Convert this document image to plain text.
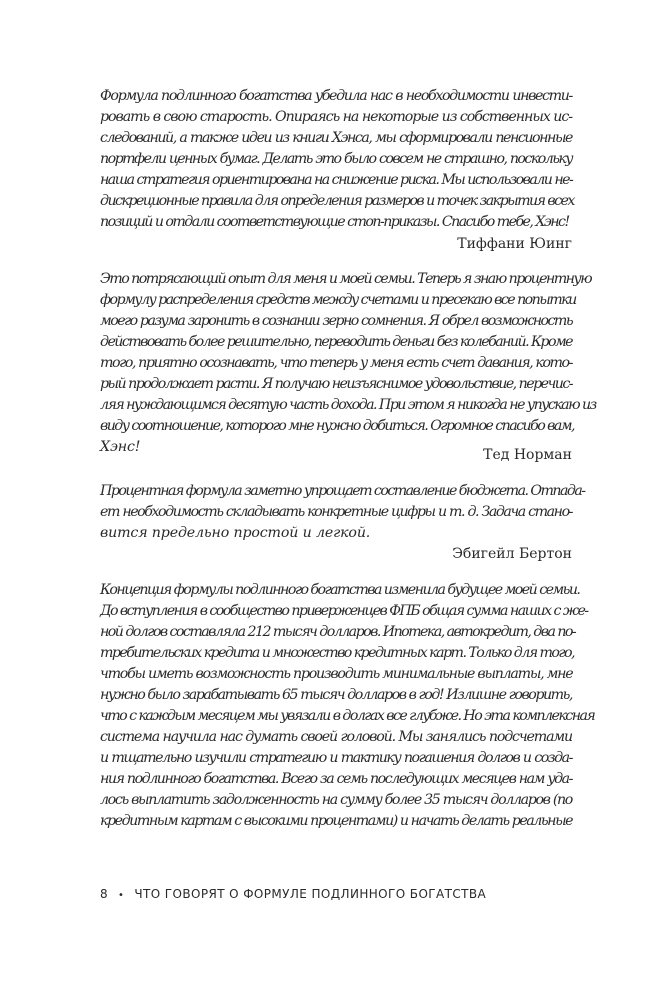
Формула подлинного богатства убедила нас в необходимости инвести-
ровать в свою старость. Опираясь на некоторые из собственных ис-
следований, а также идеи из книги Хэнса, мы сформировали пенсионные
портфели ценных бумаг. Делать это было совсем не страшно, поскольку
наша стратегия ориентирована на снижение риска. Мы использовали не-
дискреционные правила для определения размеров и точек закрытия всех
позиций и отдали соответствующие стоп-приказы. Спасибо тебе, Хэнс!
Тиффани Юинг
Это потрясающий опыт для меня и моей семьи. Теперь я знаю процентную
формулу распределения средств между счетами и пресекаю все попытки
моего разума заронить в сознании зерно сомнения. Я обрел возможность
действовать более решительно, переводить деньги без колебаний. Кроме
того, приятно осознавать, что теперь у меня есть счет давания, кото-
рый продолжает расти. Я получаю неизъяснимое удовольствие, перечис-
ляя нуждающимся десятую часть дохода. При этом я никогда не упускаю из
виду соотношение, которого мне нужно добиться. Огромное спасибо вам,
Хэнс!	Тед Норман
Процентная формула заметно упрощает составление бюджета. Отпада-
ет необходимость складывать конкретные цифры и т. д. Задача стано-
вится предельно простой и легкой.
Эбигейл Бертон
Концепция формулы подлинного богатства изменила будущее моей семьи.
До вступления в сообщество приверженцев ФПБ общая сумма наших с же-
ной долгов составляла 212 тысяч долларов. Ипотека, автокредит, два по-
требительских кредита и множество кредитных карт. Только для того,
чтобы иметь возможность производить минимальные выплаты, мне
нужно было зарабатывать 65 тысяч долларов в год! Излишне говорить,
что с каждым месяцем мы увязали в долгах все глубже. Но эта комплексная
система научила нас думать своей головой. Мы занялись подсчетами
и тщательно изучили стратегию и тактику погашения долгов и созда-
ния подлинного богатства. Всего за семь последующих месяцев нам уда-
лось выплатить задолженность на сумму более 35 тысяч долларов (по
кредитным картам с высокими процентами) и начать делать реальные
8 • ЧТО ГОВОРЯТ О ФОРМУЛЕ ПОДЛИННОГО БОГАТСТВА
